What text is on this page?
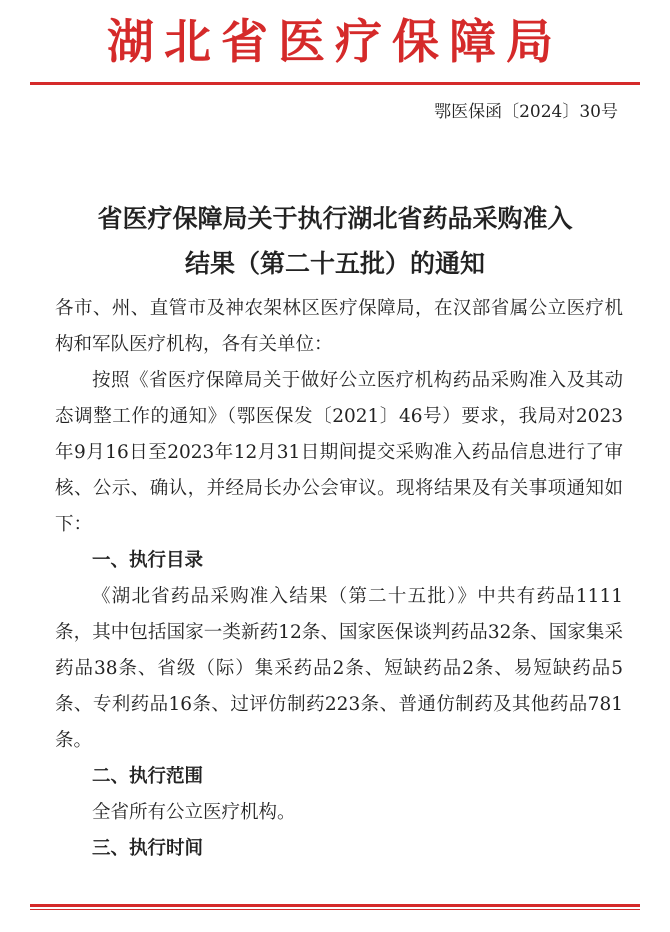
湖北省医疗保障局
鄂医保函〔2024〕30号
省医疗保障局关于执行湖北省药品采购准入
结果（第二十五批）的通知

各市、州、直管市及神农架林区医疗保障局，在汉部省属公立医疗机构和军队医疗机构，各有关单位：

按照《省医疗保障局关于做好公立医疗机构药品采购准入及其动态调整工作的通知》（鄂医保发〔2021〕46号）要求，我局对2023年9月16日至2023年12月31日期间提交采购准入药品信息进行了审核、公示、确认，并经局长办公会审议。现将结果及有关事项通知如下：

一、执行目录

《湖北省药品采购准入结果（第二十五批）》中共有药品1111条，其中包括国家一类新药12条、国家医保谈判药品32条、国家集采药品38条、省级（际）集采药品2条、短缺药品2条、易短缺药品5条、专利药品16条、过评仿制药223条、普通仿制药及其他药品781条。

二、执行范围

全省所有公立医疗机构。

三、执行时间
